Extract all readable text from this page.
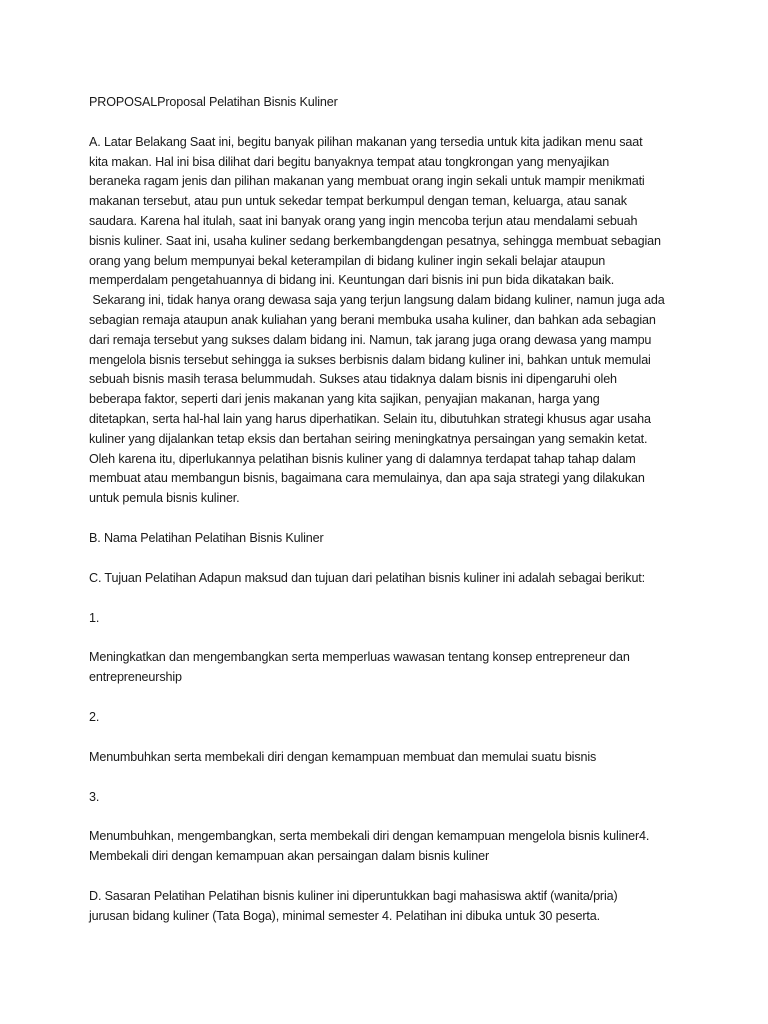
PROPOSALProposal Pelatihan Bisnis Kuliner

A. Latar Belakang Saat ini, begitu banyak pilihan makanan yang tersedia untuk kita jadikan menu saat
kita makan. Hal ini bisa dilihat dari begitu banyaknya tempat atau tongkrongan yang menyajikan
beraneka ragam jenis dan pilihan makanan yang membuat orang ingin sekali untuk mampir menikmati
makanan tersebut, atau pun untuk sekedar tempat berkumpul dengan teman, keluarga, atau sanak
saudara. Karena hal itulah, saat ini banyak orang yang ingin mencoba terjun atau mendalami sebuah
bisnis kuliner. Saat ini, usaha kuliner sedang berkembangdengan pesatnya, sehingga membuat sebagian
orang yang belum mempunyai bekal keterampilan di bidang kuliner ingin sekali belajar ataupun
memperdalam pengetahuannya di bidang ini. Keuntungan dari bisnis ini pun bida dikatakan baik.
Sekarang ini, tidak hanya orang dewasa saja yang terjun langsung dalam bidang kuliner, namun juga ada
sebagian remaja ataupun anak kuliahan yang berani membuka usaha kuliner, dan bahkan ada sebagian
dari remaja tersebut yang sukses dalam bidang ini. Namun, tak jarang juga orang dewasa yang mampu
mengelola bisnis tersebut sehingga ia sukses berbisnis dalam bidang kuliner ini, bahkan untuk memulai
sebuah bisnis masih terasa belummudah. Sukses atau tidaknya dalam bisnis ini dipengaruhi oleh
beberapa faktor, seperti dari jenis makanan yang kita sajikan, penyajian makanan, harga yang
ditetapkan, serta hal-hal lain yang harus diperhatikan. Selain itu, dibutuhkan strategi khusus agar usaha
kuliner yang dijalankan tetap eksis dan bertahan seiring meningkatnya persaingan yang semakin ketat.
Oleh karena itu, diperlukannya pelatihan bisnis kuliner yang di dalamnya terdapat tahap tahap dalam
membuat atau membangun bisnis, bagaimana cara memulainya, dan apa saja strategi yang dilakukan
untuk pemula bisnis kuliner.

B. Nama Pelatihan Pelatihan Bisnis Kuliner

C. Tujuan Pelatihan Adapun maksud dan tujuan dari pelatihan bisnis kuliner ini adalah sebagai berikut:

1.

Meningkatkan dan mengembangkan serta memperluas wawasan tentang konsep entrepreneur dan
entrepreneurship

2.

Menumbuhkan serta membekali diri dengan kemampuan membuat dan memulai suatu bisnis

3.

Menumbuhkan, mengembangkan, serta membekali diri dengan kemampuan mengelola bisnis kuliner4.
Membekali diri dengan kemampuan akan persaingan dalam bisnis kuliner

D. Sasaran Pelatihan Pelatihan bisnis kuliner ini diperuntukkan bagi mahasiswa aktif (wanita/pria)
jurusan bidang kuliner (Tata Boga), minimal semester 4. Pelatihan ini dibuka untuk 30 peserta.
